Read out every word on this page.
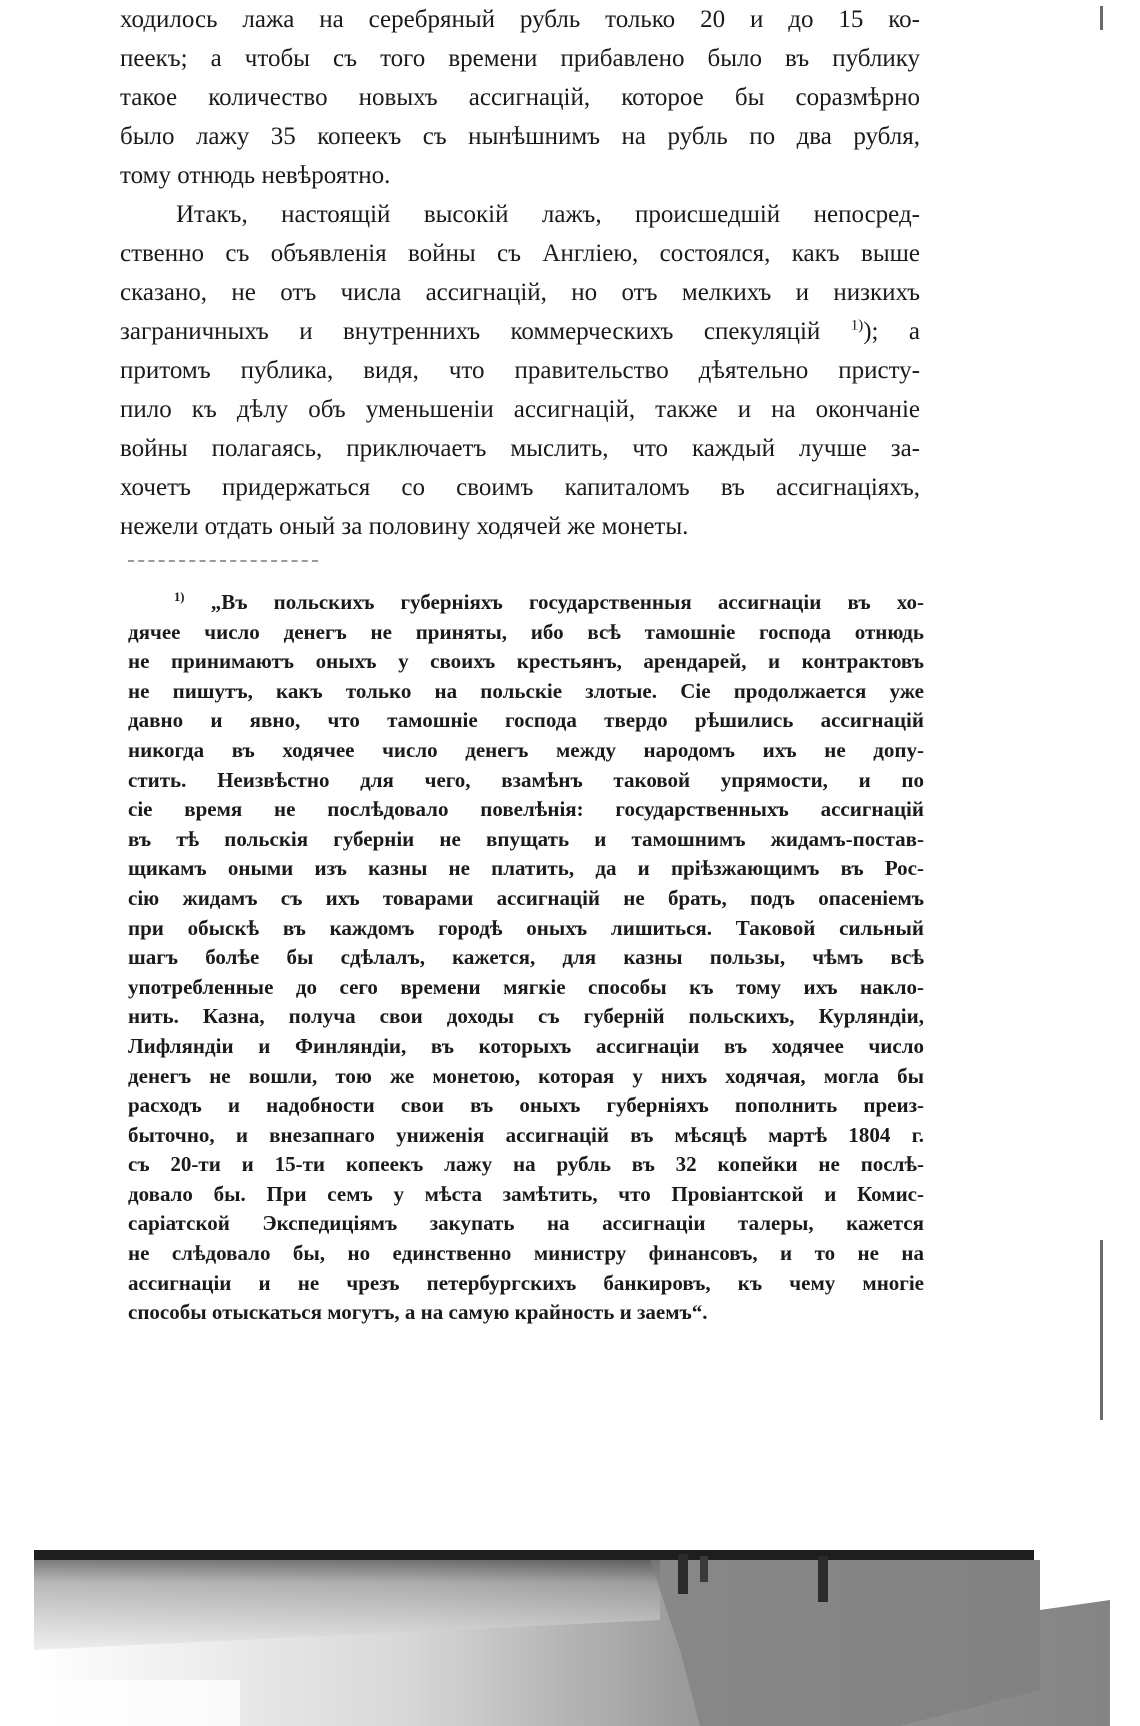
ходилось лажа на серебряный рубль только 20 и до 15 ко-
пеекъ; а чтобы съ того времени прибавлено было въ публику
такое количество новыхъ ассигнацій, которое бы соразмѣрно
было лажу 35 копеекъ съ нынѣшнимъ на рубль по два рубля,
тому отнюдь невѣроятно.
Итакъ, настоящій высокій лажъ, происшедшій непосред-
ственно съ объявленія войны съ Англіею, состоялся, какъ выше
сказано, не отъ числа ассигнацій, но отъ мелкихъ и низкихъ
заграничныхъ и внутреннихъ коммерческихъ спекуляцій $^{1)}$); а
притомъ публика, видя, что правительство дѣятельно присту-
пило къ дѣлу объ уменьшеніи ассигнацій, также и на окончаніе
войны полагаясь, приключаетъ мыслить, что каждый лучше за-
хочетъ придержаться со своимъ капиталомъ въ ассигнаціяхъ,
нежели отдать оный за половину ходячей же монеты.
$^{1)}$ „Въ польскихъ губерніяхъ государственныя ассигнаціи въ хо-
дячее число денегъ не приняты, ибо всѣ тамошніе господа отнюдь
не принимаютъ оныхъ у своихъ крестьянъ, арендарей, и контрактовъ
не пишутъ, какъ только на польскіе злотые. Сіе продолжается уже
давно и явно, что тамошніе господа твердо рѣшились ассигнацій
никогда въ ходячее число денегъ между народомъ ихъ не допу-
стить. Неизвѣстно для чего, взамѣнъ таковой упрямости, и по
сіе время не послѣдовало повелѣнія: государственныхъ ассигнацій
въ тѣ польскія губерніи не впущать и тамошнимъ жидамъ-постав-
щикамъ оными изъ казны не платить, да и пріѣзжающимъ въ Рос-
сію жидамъ съ ихъ товарами ассигнацій не брать, подъ опасеніемъ
при обыскѣ въ каждомъ городѣ оныхъ лишиться. Таковой сильный
шагъ болѣе бы сдѣлалъ, кажется, для казны пользы, чѣмъ всѣ
употребленные до сего времени мягкіе способы къ тому ихъ накло-
нить. Казна, получа свои доходы съ губерній польскихъ, Курляндіи,
Лифляндіи и Финляндіи, въ которыхъ ассигнаціи въ ходячее число
денегъ не вошли, тою же монетою, которая у нихъ ходячая, могла бы
расходъ и надобности свои въ оныхъ губерніяхъ пополнить преиз-
быточно, и внезапнаго униженія ассигнацій въ мѣсяцѣ мартѣ 1804 г.
съ 20-ти и 15-ти копеекъ лажу на рубль въ 32 копейки не послѣ-
довало бы. При семъ у мѣста замѣтить, что Провіантской и Комис-
саріатской Экспедиціямъ закупать на ассигнаціи талеры, кажется
не слѣдовало бы, но единственно министру финансовъ, и то не на
ассигнаціи и не чрезъ петербургскихъ банкировъ, къ чему многіе
способы отыскаться могутъ, а на самую крайность и заемъ“.
